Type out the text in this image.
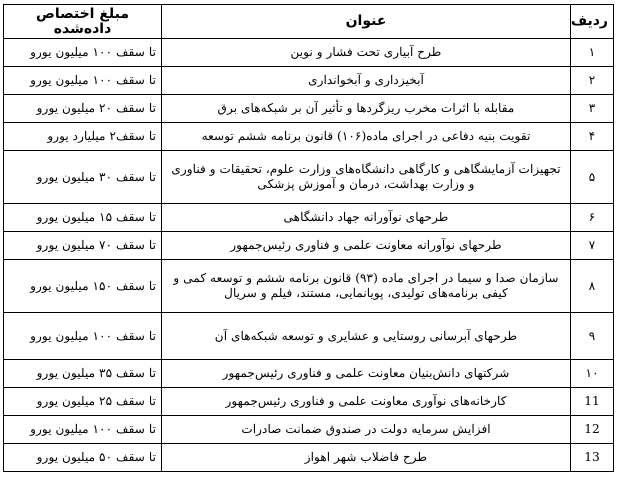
ردیف	عنوان	مبلغ اختصاص دادەشده
۱	طرح آبیاری تحت فشار و نوین	تا سقف ۱۰۰ میلیون یورو
۲	آبخیزداری و آبخوانداری	تا سقف ۱۰۰ میلیون یورو
۳	مقابله با اثرات مخرب ریزگردها و تأثیر آن بر شبکه‌های برق	تا سقف ۲۰ میلیون یورو
۴	تقویت بنیه دفاعی در اجرای ماده(۱۰۶) قانون برنامه ششم توسعه	تا سقف۲ میلیارد یورو
۵	تجهیزات آزمایشگاهی و کارگاهی دانشگاه‌های وزارت علوم، تحقیقات و فناوری و وزارت بهداشت، درمان و آموزش پزشکی	تا سقف ۳۰ میلیون یورو
۶	طرحهای نوآورانه جهاد دانشگاهی	تا سقف ۱۵ میلیون یورو
۷	طرحهای نوآورانه معاونت علمی و فناوری رئیس‌جمهور	تا سقف ۷۰ میلیون یورو
۸	سازمان صدا و سیما در اجرای ماده (۹۳) قانون برنامه ششم و توسعه کمی و کیفی برنامه‌های تولیدی، پویانمایی، مستند، فیلم و سریال	تا سقف ۱۵۰ میلیون یورو
۹	طرحهای آبرسانی روستایی و عشایری و توسعه شبکه‌های آن	تا سقف ۱۰۰ میلیون یورو
۱۰	شرکتهای دانش‌بنیان معاونت علمی و فناوری رئیس‌جمهور	تا سقف ۳۵ میلیون یورو
11	کارخانه‌های نوآوری معاونت علمی و فناوری رئیس‌جمهور	تا سقف ۲۵ میلیون یورو
12	افزایش سرمایه دولت در صندوق ضمانت صادرات	تا سقف ۱۰۰ میلیون یورو
13	طرح فاضلاب شهر اهواز	تا سقف ۵۰ میلیون یورو
